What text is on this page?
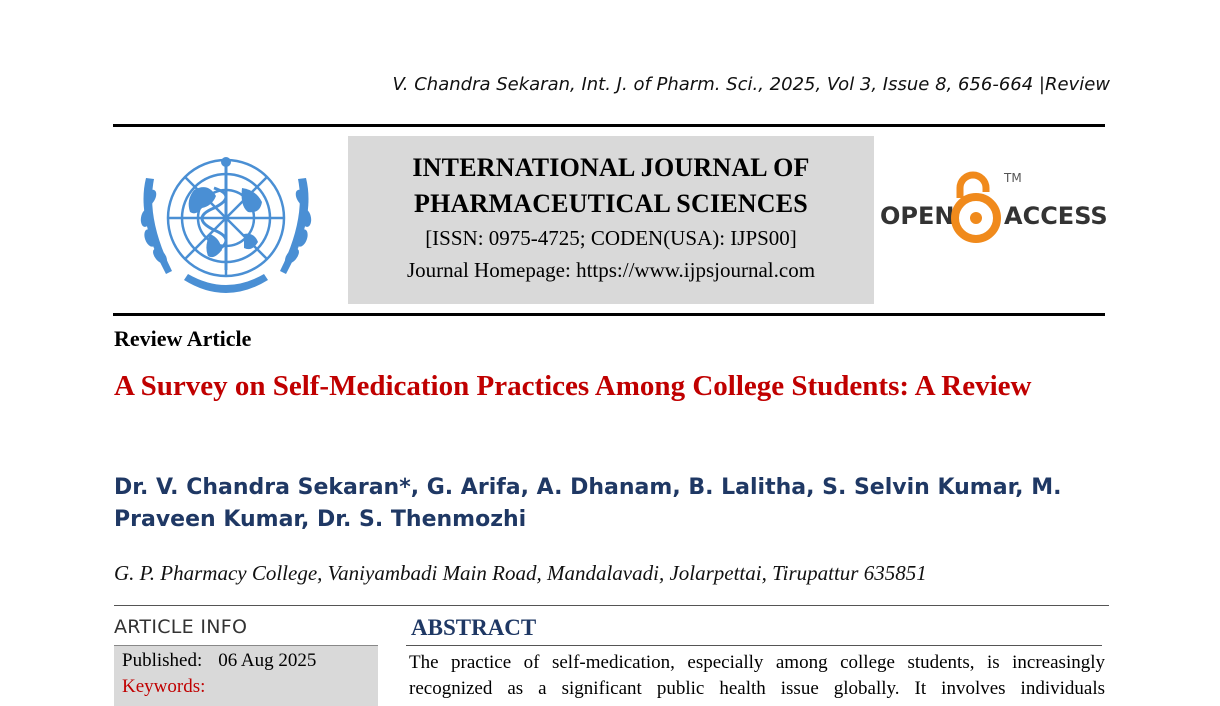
V. Chandra Sekaran, Int. J. of Pharm. Sci., 2025, Vol 3, Issue 8, 656-664 |Review
INTERNATIONAL JOURNAL OF
PHARMACEUTICAL SCIENCES
[ISSN: 0975-4725; CODEN(USA): IJPS00]
Journal Homepage: https://www.ijpsjournal.com
OPEN ACCESS
TM
Review Article
A Survey on Self-Medication Practices Among College Students: A Review
Dr. V. Chandra Sekaran*, G. Arifa, A. Dhanam, B. Lalitha, S. Selvin Kumar, M. Praveen Kumar, Dr. S. Thenmozhi
G. P. Pharmacy College, Vaniyambadi Main Road, Mandalavadi, Jolarpettai, Tirupattur 635851
ARTICLE INFO
Published: 06 Aug 2025
Keywords:
ABSTRACT
The practice of self-medication, especially among college students, is increasingly recognized as a significant public health issue globally. It involves individuals
